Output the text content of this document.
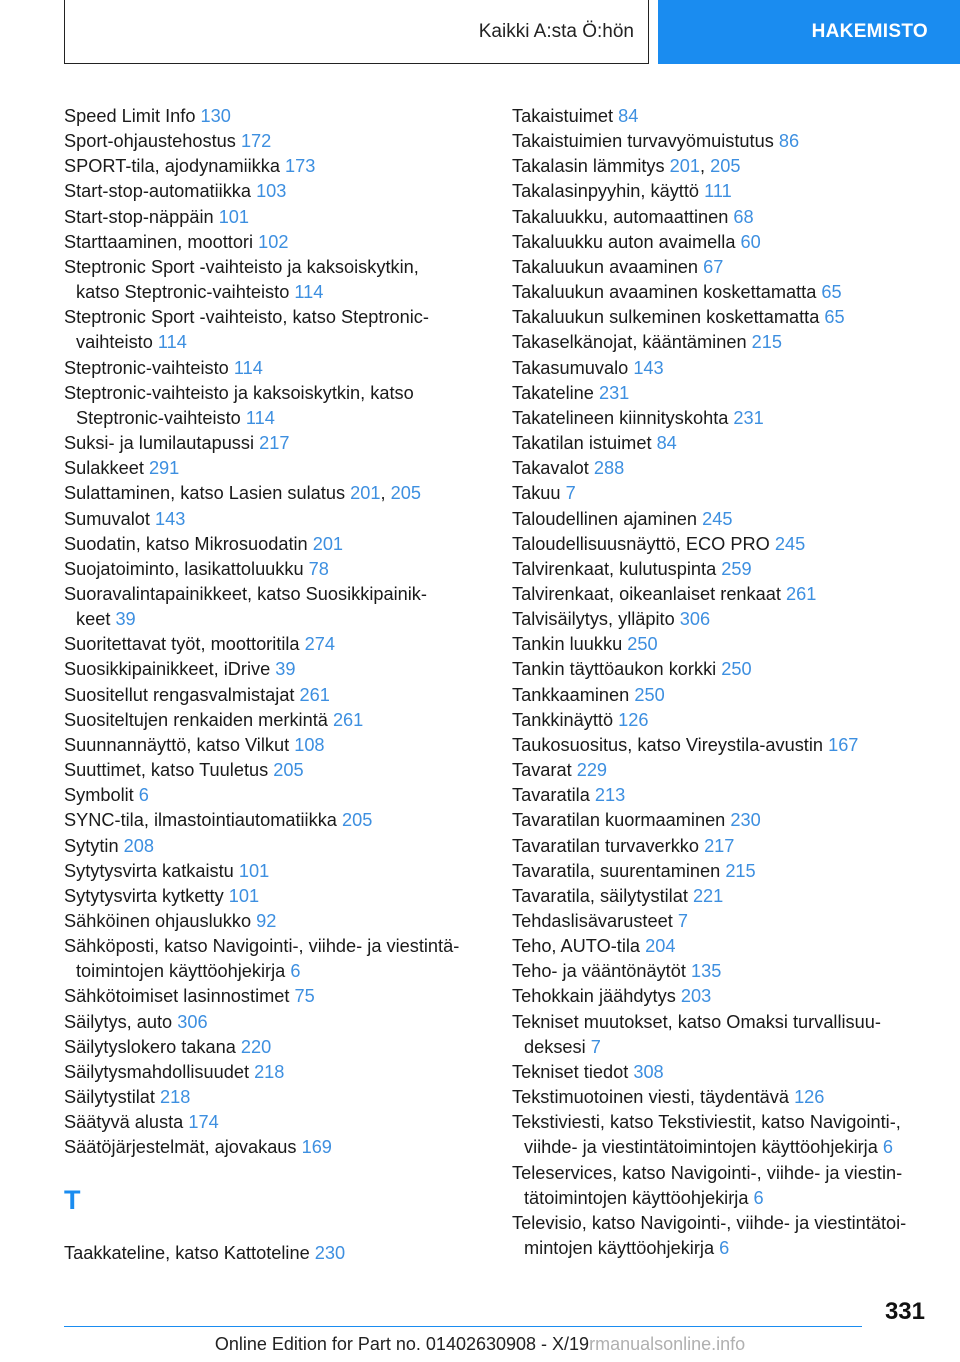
Kaikki A:sta Ö:hön	HAKEMISTO
Speed Limit Info 130
Sport-ohjaustehostus 172
SPORT-tila, ajodynamiikka 173
Start-stop-automatiikka 103
Start-stop-näppäin 101
Starttaaminen, moottori 102
Steptronic Sport -vaihteisto ja kaksoiskytkin,
katso Steptronic-vaihteisto 114
Steptronic Sport -vaihteisto, katso Steptronic-
vaihteisto 114
Steptronic-vaihteisto 114
Steptronic-vaihteisto ja kaksoiskytkin, katso
Steptronic-vaihteisto 114
Suksi- ja lumilautapussi 217
Sulakkeet 291
Sulattaminen, katso Lasien sulatus 201, 205
Sumuvalot 143
Suodatin, katso Mikrosuodatin 201
Suojatoiminto, lasikattoluukku 78
Suoravalintapainikkeet, katso Suosikkipainik-
keet 39
Suoritettavat työt, moottoritila 274
Suosikkipainikkeet, iDrive 39
Suositellut rengasvalmistajat 261
Suositeltujen renkaiden merkintä 261
Suunnannäyttö, katso Vilkut 108
Suuttimet, katso Tuuletus 205
Symbolit 6
SYNC-tila, ilmastointiautomatiikka 205
Sytytin 208
Sytytysvirta katkaistu 101
Sytytysvirta kytketty 101
Sähköinen ohjauslukko 92
Sähköposti, katso Navigointi-, viihde- ja viestintä-
toimintojen käyttöohjekirja 6
Sähkötoimiset lasinnostimet 75
Säilytys, auto 306
Säilytyslokero takana 220
Säilytysmahdollisuudet 218
Säilytystilat 218
Säätyvä alusta 174
Säätöjärjestelmät, ajovakaus 169
T
Taakkateline, katso Kattoteline 230
Takaistuimet 84
Takaistuimien turvavyömuistutus 86
Takalasin lämmitys 201, 205
Takalasinpyyhin, käyttö 111
Takaluukku, automaattinen 68
Takaluukku auton avaimella 60
Takaluukun avaaminen 67
Takaluukun avaaminen koskettamatta 65
Takaluukun sulkeminen koskettamatta 65
Takaselkänojat, kääntäminen 215
Takasumuvalo 143
Takateline 231
Takatelineen kiinnityskohta 231
Takatilan istuimet 84
Takavalot 288
Takuu 7
Taloudellinen ajaminen 245
Taloudellisuusnäyttö, ECO PRO 245
Talvirenkaat, kulutuspinta 259
Talvirenkaat, oikeanlaiset renkaat 261
Talvisäilytys, ylläpito 306
Tankin luukku 250
Tankin täyttöaukon korkki 250
Tankkaaminen 250
Tankkinäyttö 126
Taukosuositus, katso Vireystila-avustin 167
Tavarat 229
Tavaratila 213
Tavaratilan kuormaaminen 230
Tavaratilan turvaverkko 217
Tavaratila, suurentaminen 215
Tavaratila, säilytystilat 221
Tehdaslisävarusteet 7
Teho, AUTO-tila 204
Teho- ja vääntönäytöt 135
Tehokkain jäähdytys 203
Tekniset muutokset, katso Omaksi turvallisuu-
deksesi 7
Tekniset tiedot 308
Tekstimuotoinen viesti, täydentävä 126
Tekstiviesti, katso Tekstiviestit, katso Navigointi-,
viihde- ja viestintätoimintojen käyttöohjekirja 6
Teleservices, katso Navigointi-, viihde- ja viestin-
tätoimintojen käyttöohjekirja 6
Televisio, katso Navigointi-, viihde- ja viestintätoi-
mintojen käyttöohjekirja 6
331
Online Edition for Part no. 01402630908 - X/19rmanualsonline.info
